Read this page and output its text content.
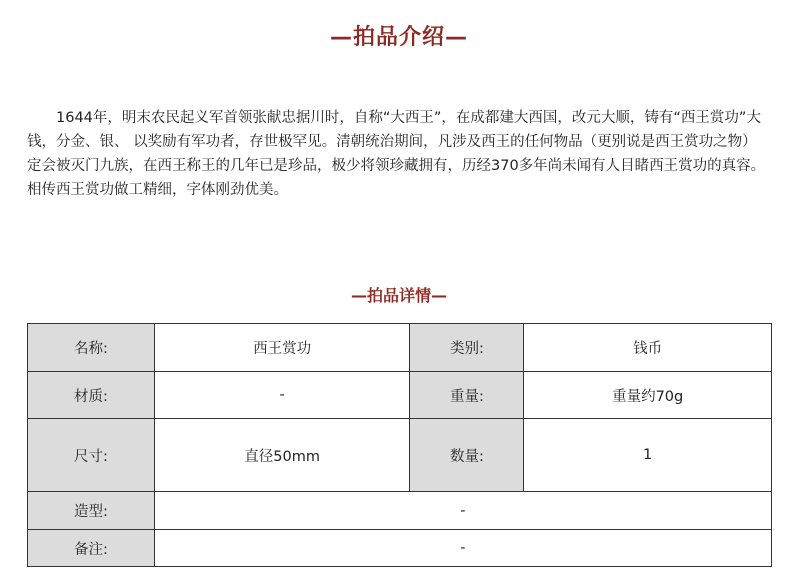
—拍品介绍—
1644年，明末农民起义军首领张献忠据川时，自称“大西王”，在成都建大西国，改元大顺，铸有“西王赏功”大钱，分金、银、 以奖励有军功者，存世极罕见。清朝统治期间，凡涉及西王的任何物品（更别说是西王赏功之物）定会被灭门九族，在西王称王的几年已是珍品，极少将领珍藏拥有，历经370多年尚未闻有人目睹西王赏功的真容。相传西王赏功做工精细，字体刚劲优美。
—拍品详情—
名称:	西王赏功	类别:	钱币
材质:	-	重量:	重量约70g
尺寸:	直径50mm	数量:	1
造型:	-		
备注:	-		
